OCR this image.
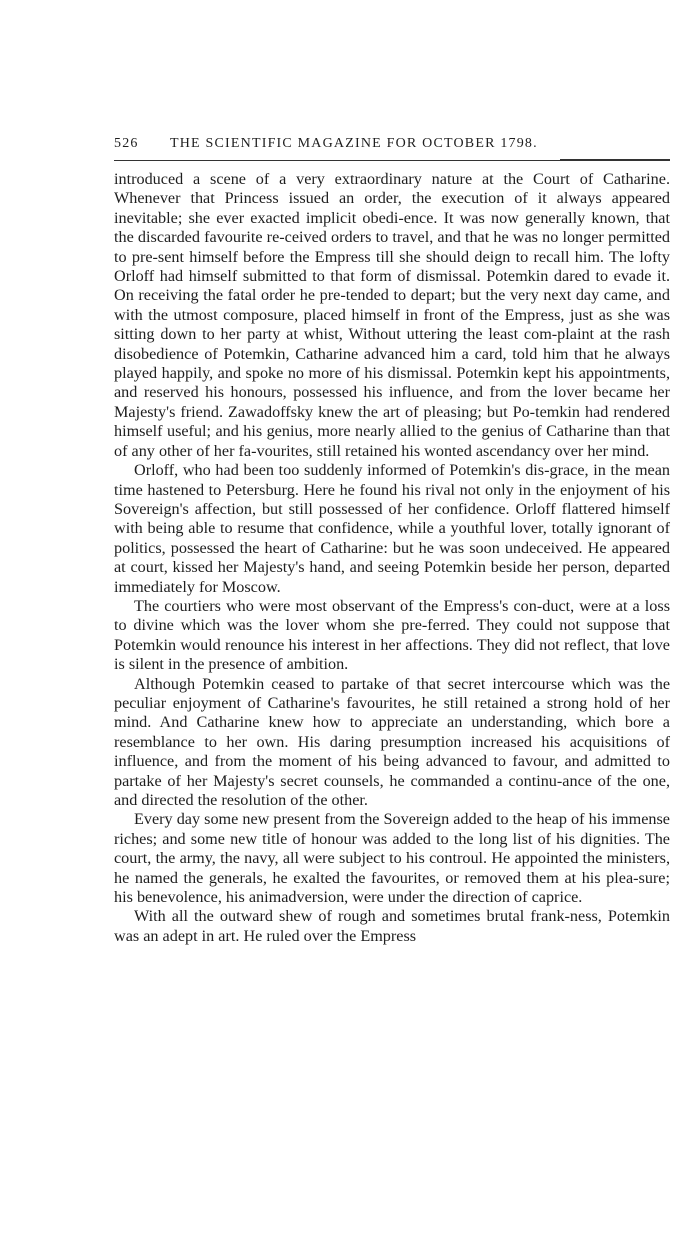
526 THE SCIENTIFIC MAGAZINE FOR OCTOBER 1798.

introduced a scene of a very extraordinary nature at the Court of Catharine. Whenever that Princess issued an order, the execution of it always appeared inevitable; she ever exacted implicit obedi-ence. It was now generally known, that the discarded favourite re-ceived orders to travel, and that he was no longer permitted to pre-sent himself before the Empress till she should deign to recall him. The lofty Orloff had himself submitted to that form of dismissal. Potemkin dared to evade it. On receiving the fatal order he pre-tended to depart; but the very next day came, and with the utmost composure, placed himself in front of the Empress, just as she was sitting down to her party at whist, Without uttering the least com-plaint at the rash disobedience of Potemkin, Catharine advanced him a card, told him that he always played happily, and spoke no more of his dismissal. Potemkin kept his appointments, and reserved his honours, possessed his influence, and from the lover became her Majesty's friend. Zawadoffsky knew the art of pleasing; but Po-temkin had rendered himself useful; and his genius, more nearly allied to the genius of Catharine than that of any other of her fa-vourites, still retained his wonted ascendancy over her mind.

Orloff, who had been too suddenly informed of Potemkin's dis-grace, in the mean time hastened to Petersburg. Here he found his rival not only in the enjoyment of his Sovereign's affection, but still possessed of her confidence. Orloff flattered himself with being able to resume that confidence, while a youthful lover, totally ignorant of politics, possessed the heart of Catharine: but he was soon undeceived. He appeared at court, kissed her Majesty's hand, and seeing Potemkin beside her person, departed immediately for Moscow.

The courtiers who were most observant of the Empress's con-duct, were at a loss to divine which was the lover whom she pre-ferred. They could not suppose that Potemkin would renounce his interest in her affections. They did not reflect, that love is silent in the presence of ambition.

Although Potemkin ceased to partake of that secret intercourse which was the peculiar enjoyment of Catharine's favourites, he still retained a strong hold of her mind. And Catharine knew how to appreciate an understanding, which bore a resemblance to her own. His daring presumption increased his acquisitions of influence, and from the moment of his being advanced to favour, and admitted to partake of her Majesty's secret counsels, he commanded a continu-ance of the one, and directed the resolution of the other.

Every day some new present from the Sovereign added to the heap of his immense riches; and some new title of honour was added to the long list of his dignities. The court, the army, the navy, all were subject to his controul. He appointed the ministers, he named the generals, he exalted the favourites, or removed them at his plea-sure; his benevolence, his animadversion, were under the direction of caprice.

With all the outward shew of rough and sometimes brutal frank-ness, Potemkin was an adept in art. He ruled over the Empress
